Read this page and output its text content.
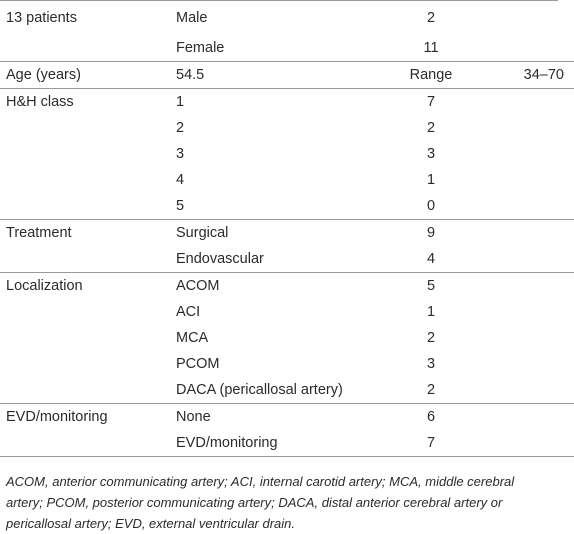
13 patients	Male	2	
	Female	11	
Age (years)	54.5	Range	34–70
H&H class	1	7	
	2	2	
	3	3	
	4	1	
	5	0	
Treatment	Surgical	9	
	Endovascular	4	
Localization	ACOM	5	
	ACI	1	
	MCA	2	
	PCOM	3	
	DACA (pericallosal artery)	2	
EVD/monitoring	None	6	
	EVD/monitoring	7	
ACOM, anterior communicating artery; ACI, internal carotid artery; MCA, middle cerebral artery; PCOM, posterior communicating artery; DACA, distal anterior cerebral artery or pericallosal artery; EVD, external ventricular drain.
